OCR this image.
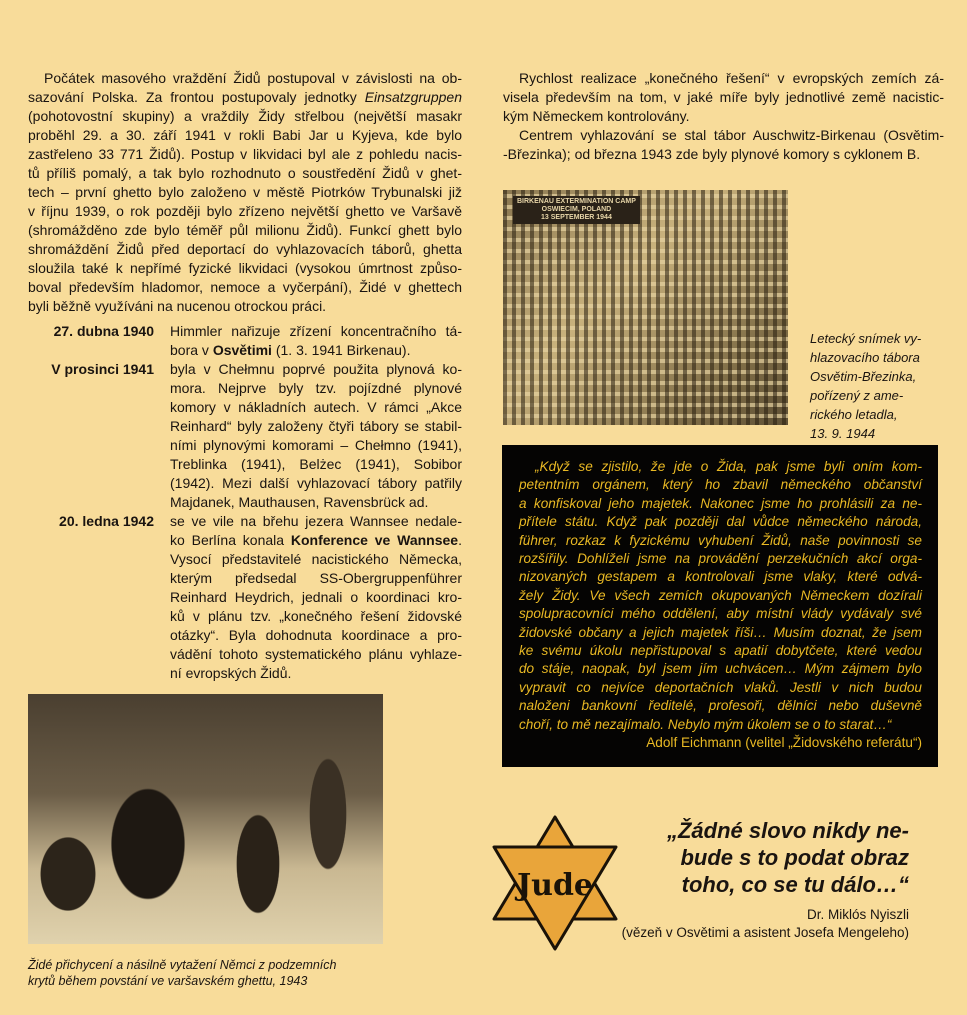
Počátek masového vraždění Židů postupoval v závislosti na ob-
sazování Polska. Za frontou postupovaly jednotky Einsatzgruppen
(pohotovostní skupiny) a vraždily Židy střelbou (největší masakr
proběhl 29. a 30. září 1941 v rokli Babi Jar u Kyjeva, kde bylo
zastřeleno 33 771 Židů). Postup v likvidaci byl ale z pohledu nacis-
tů příliš pomalý, a tak bylo rozhodnuto o soustředění Židů v ghet-
tech – první ghetto bylo založeno v městě Piotrków Trybunalski již
v říjnu 1939, o rok později bylo zřízeno největší ghetto ve Varšavě
(shromážděno zde bylo téměř půl milionu Židů). Funkcí ghett bylo
shromáždění Židů před deportací do vyhlazovacích táborů, ghetta
sloužila také k nepřímé fyzické likvidaci (vysokou úmrtnost způso-
boval především hladomor, nemoce a vyčerpání), Židé v ghettech
byli běžně využíváni na nucenou otrockou práci.
27. dubna 1940	Himmler nařizuje zřízení koncentračního tá-
bora v Osvětimi (1. 3. 1941 Birkenau).
V prosinci 1941	byla v Chełmnu poprvé použita plynová ko-
mora. Nejprve byly tzv. pojízdné plynové
komory v nákladních autech. V rámci „Akce
Reinhard“ byly založeny čtyři tábory se stabil-
ními plynovými komorami – Chełmno (1941),
Treblinka (1941), Belżec (1941), Sobibor
(1942). Mezi další vyhlazovací tábory patřily
Majdanek, Mauthausen, Ravensbrück ad.
20. ledna 1942	se ve vile na břehu jezera Wannsee nedale-
ko Berlína konala Konference ve Wannsee.
Vysocí představitelé nacistického Německa,
kterým předsedal SS-Obergruppenführer
Reinhard Heydrich, jednali o koordinaci kro-
ků v plánu tzv. „konečného řešení židovské
otázky“. Byla dohodnuta koordinace a pro-
vádění tohoto systematického plánu vyhlaze-
ní evropských Židů.
Rychlost realizace „konečného řešení“ v evropských zemích zá-
visela především na tom, v jaké míře byly jednotlivé země nacistic-
kým Německem kontrolovány.
Centrem vyhlazování se stal tábor Auschwitz-Birkenau (Osvětim-
-Březinka); od března 1943 zde byly plynové komory s cyklonem B.
BIRKENAU EXTERMINATION CAMP
OSWIECIM, POLAND
13 SEPTEMBER 1944
Letecký snímek vy-
hlazovacího tábora
Osvětim-Březinka,
pořízený z ame-
rického letadla,
13. 9. 1944
„Když se zjistilo, že jde o Žida, pak jsme byli oním kom-
petentním orgánem, který ho zbavil německého občanství
a konfiskoval jeho majetek. Nakonec jsme ho prohlásili za ne-
přítele státu. Když pak později dal vůdce německého národa,
führer, rozkaz k fyzickému vyhubení Židů, naše povinnosti se
rozšířily. Dohlíželi jsme na provádění perzekučních akcí orga-
nizovaných gestapem a kontrolovali jsme vlaky, které odvá-
žely Židy. Ve všech zemích okupovaných Německem dozírali
spolupracovníci mého oddělení, aby místní vlády vydávaly své
židovské občany a jejich majetek říši… Musím doznat, že jsem
ke svému úkolu nepřistupoval s apatií dobytčete, které vedou
do stáje, naopak, byl jsem jím uchvácen… Mým zájmem bylo
vypravit co nejvíce deportačních vlaků. Jestli v nich budou
naloženi bankovní ředitelé, profesoři, dělníci nebo duševně
choří, to mě nezajímalo. Nebylo mým úkolem se o to starat…“
Adolf Eichmann (velitel „Židovského referátu“)
Židé přichycení a násilně vytažení Němci z podzemních
krytů během povstání ve varšavském ghettu, 1943
Jude
„Žádné slovo nikdy ne-
bude s to podat obraz
toho, co se tu dálo…“
Dr. Miklós Nyiszli
(vězeň v Osvětimi a asistent Josefa Mengeleho)
